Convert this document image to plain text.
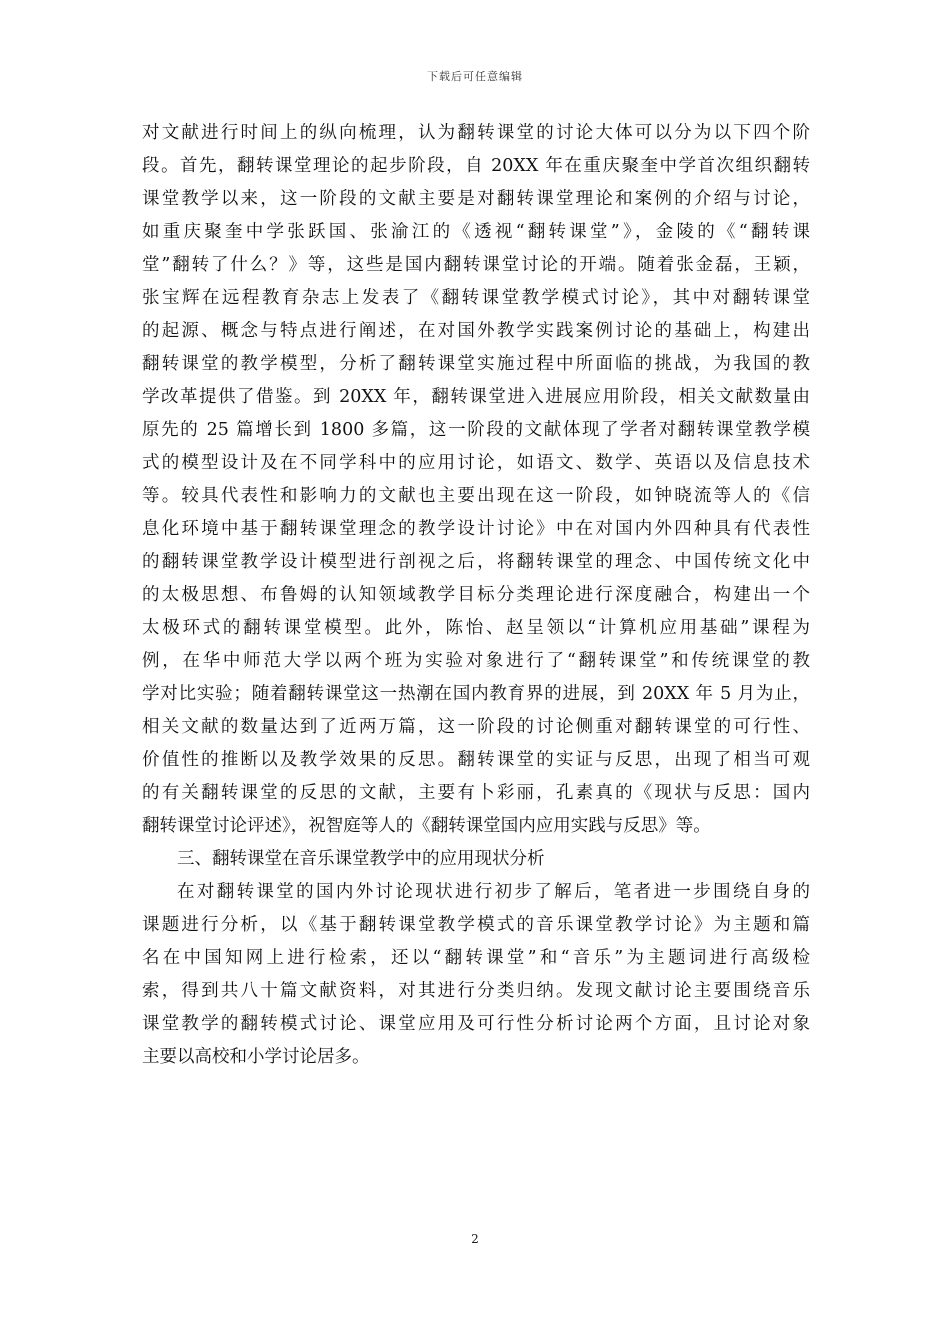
下载后可任意编辑
对文献进行时间上的纵向梳理，认为翻转课堂的讨论大体可以分为以下四个阶
段。首先，翻转课堂理论的起步阶段，自 20XX 年在重庆聚奎中学首次组织翻转
课堂教学以来，这一阶段的文献主要是对翻转课堂理论和案例的介绍与讨论，
如重庆聚奎中学张跃国、张渝江的《透视“翻转课堂”》，金陵的《“翻转课
堂”翻转了什么？》等，这些是国内翻转课堂讨论的开端。随着张金磊，王颖，
张宝辉在远程教育杂志上发表了《翻转课堂教学模式讨论》，其中对翻转课堂
的起源、概念与特点进行阐述，在对国外教学实践案例讨论的基础上，构建出
翻转课堂的教学模型，分析了翻转课堂实施过程中所面临的挑战，为我国的教
学改革提供了借鉴。到 20XX 年，翻转课堂进入进展应用阶段，相关文献数量由
原先的 25 篇增长到 1800 多篇，这一阶段的文献体现了学者对翻转课堂教学模
式的模型设计及在不同学科中的应用讨论，如语文、数学、英语以及信息技术
等。较具代表性和影响力的文献也主要出现在这一阶段，如钟晓流等人的《信
息化环境中基于翻转课堂理念的教学设计讨论》中在对国内外四种具有代表性
的翻转课堂教学设计模型进行剖视之后，将翻转课堂的理念、中国传统文化中
的太极思想、布鲁姆的认知领域教学目标分类理论进行深度融合，构建出一个
太极环式的翻转课堂模型。此外，陈怡、赵呈领以“计算机应用基础”课程为
例，在华中师范大学以两个班为实验对象进行了“翻转课堂”和传统课堂的教
学对比实验；随着翻转课堂这一热潮在国内教育界的进展，到 20XX 年 5 月为止，
相关文献的数量达到了近两万篇，这一阶段的讨论侧重对翻转课堂的可行性、
价值性的推断以及教学效果的反思。翻转课堂的实证与反思，出现了相当可观
的有关翻转课堂的反思的文献，主要有卜彩丽，孔素真的《现状与反思：国内
翻转课堂讨论评述》，祝智庭等人的《翻转课堂国内应用实践与反思》等。
三、翻转课堂在音乐课堂教学中的应用现状分析
在对翻转课堂的国内外讨论现状进行初步了解后，笔者进一步围绕自身的
课题进行分析，以《基于翻转课堂教学模式的音乐课堂教学讨论》为主题和篇
名在中国知网上进行检索，还以“翻转课堂”和“音乐”为主题词进行高级检
索，得到共八十篇文献资料，对其进行分类归纳。发现文献讨论主要围绕音乐
课堂教学的翻转模式讨论、课堂应用及可行性分析讨论两个方面，且讨论对象
主要以高校和小学讨论居多。
2
